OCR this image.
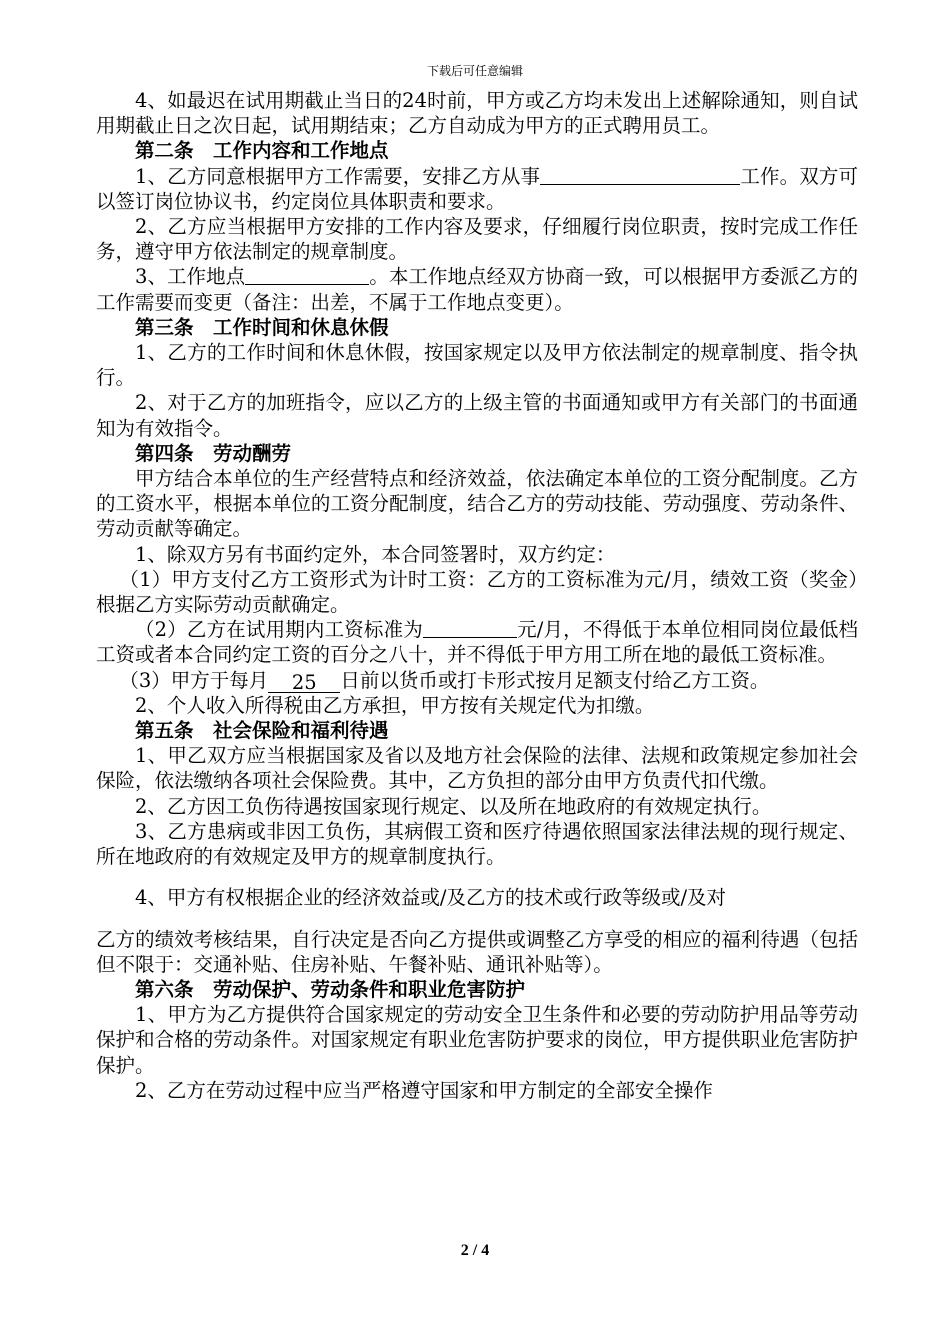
下载后可任意编辑

4、如最迟在试用期截止当日的24时前，甲方或乙方均未发出上述解除通知，则自试用期截止日之次日起，试用期结束；乙方自动成为甲方的正式聘用员工。

第二条　工作内容和工作地点

1、乙方同意根据甲方工作需要，安排乙方从事	工作。双方可以签订岗位协议书，约定岗位具体职责和要求。

2、乙方应当根据甲方安排的工作内容及要求，仔细履行岗位职责，按时完成工作任务，遵守甲方依法制定的规章制度。

3、工作地点	。本工作地点经双方协商一致，可以根据甲方委派乙方的工作需要而变更（备注：出差，不属于工作地点变更）。

第三条　工作时间和休息休假

1、乙方的工作时间和休息休假，按国家规定以及甲方依法制定的规章制度、指令执行。

2、对于乙方的加班指令，应以乙方的上级主管的书面通知或甲方有关部门的书面通知为有效指令。

第四条　劳动酬劳

甲方结合本单位的生产经营特点和经济效益，依法确定本单位的工资分配制度。乙方的工资水平，根据本单位的工资分配制度，结合乙方的劳动技能、劳动强度、劳动条件、劳动贡献等确定。

1、除双方另有书面约定外，本合同签署时，双方约定：

（1）甲方支付乙方工资形式为计时工资：乙方的工资标准为元/月，绩效工资（奖金）根据乙方实际劳动贡献确定。

（2）乙方在试用期内工资标准为	元/月，不得低于本单位相同岗位最低档工资或者本合同约定工资的百分之八十，并不得低于甲方用工所在地的最低工资标准。

（3）甲方于每月 25 日前以货币或打卡形式按月足额支付给乙方工资。

2、个人收入所得税由乙方承担，甲方按有关规定代为扣缴。

第五条　社会保险和福利待遇

1、甲乙双方应当根据国家及省以及地方社会保险的法律、法规和政策规定参加社会保险，依法缴纳各项社会保险费。其中，乙方负担的部分由甲方负责代扣代缴。

2、乙方因工负伤待遇按国家现行规定、以及所在地政府的有效规定执行。

3、乙方患病或非因工负伤，其病假工资和医疗待遇依照国家法律法规的现行规定、所在地政府的有效规定及甲方的规章制度执行。

4、甲方有权根据企业的经济效益或/及乙方的技术或行政等级或/及对

乙方的绩效考核结果，自行决定是否向乙方提供或调整乙方享受的相应的福利待遇（包括但不限于：交通补贴、住房补贴、午餐补贴、通讯补贴等）。

第六条　劳动保护、劳动条件和职业危害防护

1、甲方为乙方提供符合国家规定的劳动安全卫生条件和必要的劳动防护用品等劳动保护和合格的劳动条件。对国家规定有职业危害防护要求的岗位，甲方提供职业危害防护保护。

2、乙方在劳动过程中应当严格遵守国家和甲方制定的全部安全操作

2 / 4
